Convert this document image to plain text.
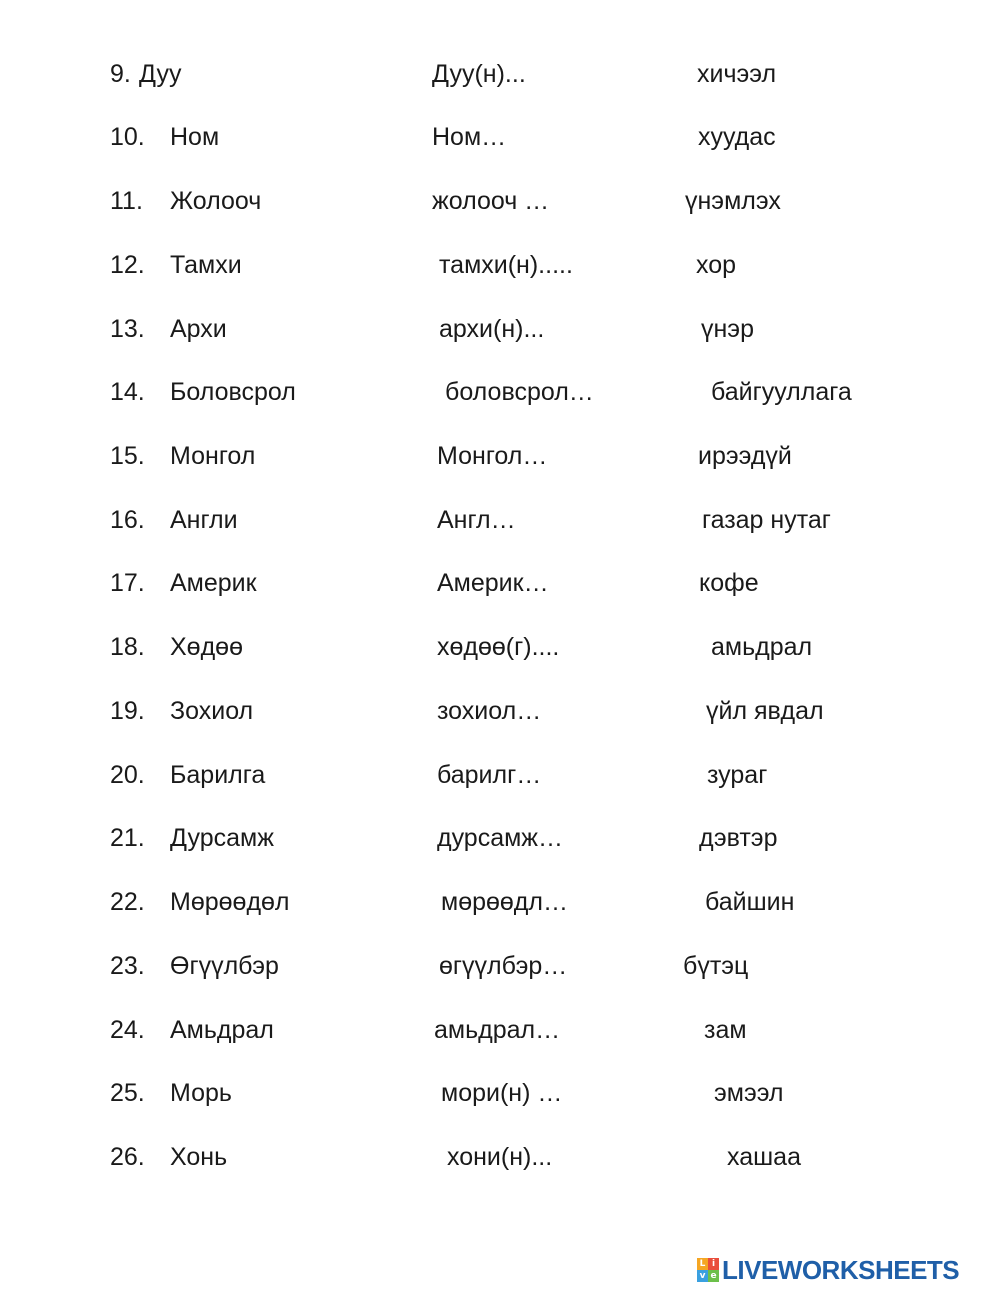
9. Дуу	Дуу(н)...	хичээл
10. Ном	Ном…	хуудас
11. Жолооч	жолооч …	үнэмлэх
12. Тамхи	тамхи(н).....	хор
13. Архи	архи(н)...	үнэр
14. Боловсрол	боловсрол…	байгууллага
15. Монгол	Монгол…	ирээдүй
16. Англи	Англ…	газар нутаг
17. Америк	Америк…	кофе
18. Хөдөө	хөдөө(г)....	амьдрал
19. Зохиол	зохиол…	үйл явдал
20. Барилга	барилг…	зураг
21. Дурсамж	дурсамж…	дэвтэр
22. Мөрөөдөл	мөрөөдл…	байшин
23. Өгүүлбэр	өгүүлбэр…	бүтэц
24. Амьдрал	амьдрал…	зам
25. Морь	мори(н) …	эмээл
26. Хонь	хони(н)...	хашаа
L i
v e LIVEWORKSHEETS
